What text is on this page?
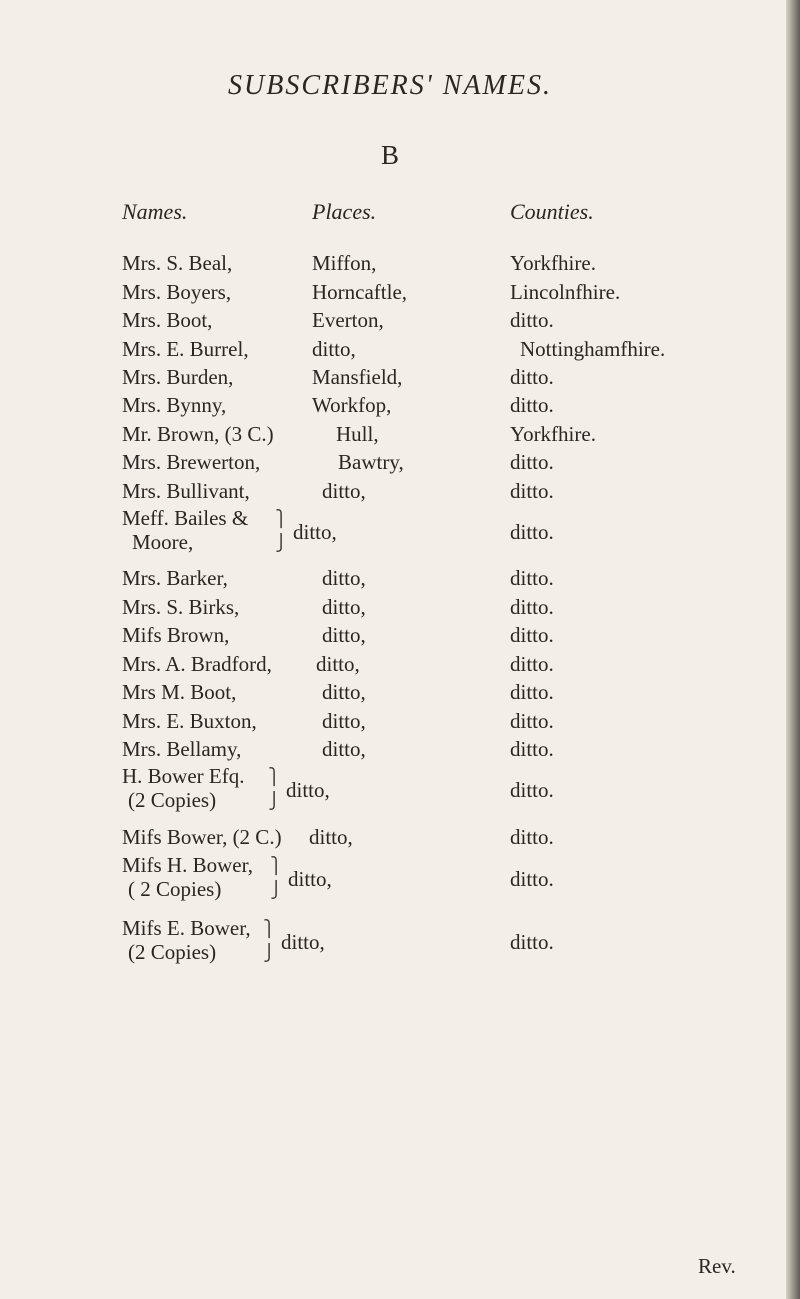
SUBSCRIBERS' NAMES.
B
Names.	Places.	Counties.
Mrs. S. Beal,	Miffon,	Yorkfhire.
Mrs. Boyers,	Horncaftle,	Lincolnfhire.
Mrs. Boot,	Everton,	ditto.
Mrs. E. Burrel,	ditto,	Nottinghamfhire.
Mrs. Burden,	Mansfield,	ditto.
Mrs. Bynny,	Workfop,	ditto.
Mr. Brown, (3 C.)	Hull,	Yorkfhire.
Mrs. Brewerton,	Bawtry,	ditto.
Mrs. Bullivant,	ditto,	ditto.
Meff. Bailes &
Moore,
⎫
⎭ ditto,	ditto.
Mrs. Barker,	ditto,	ditto.
Mrs. S. Birks,	ditto,	ditto.
Mifs Brown,	ditto,	ditto.
Mrs. A. Bradford, ditto,	ditto.
Mrs M. Boot,	ditto,	ditto.
Mrs. E. Buxton,	ditto,	ditto.
Mrs. Bellamy,	ditto,	ditto.
H. Bower Efq.
(2 Copies)
⎫
⎭ ditto,	ditto.
Mifs Bower, (2 C.) ditto,	ditto.
Mifs H. Bower,
( 2 Copies)
⎫
⎭ ditto,	ditto.
Mifs E. Bower,
(2 Copies)
⎫
⎭ ditto,	ditto.
Rev.
